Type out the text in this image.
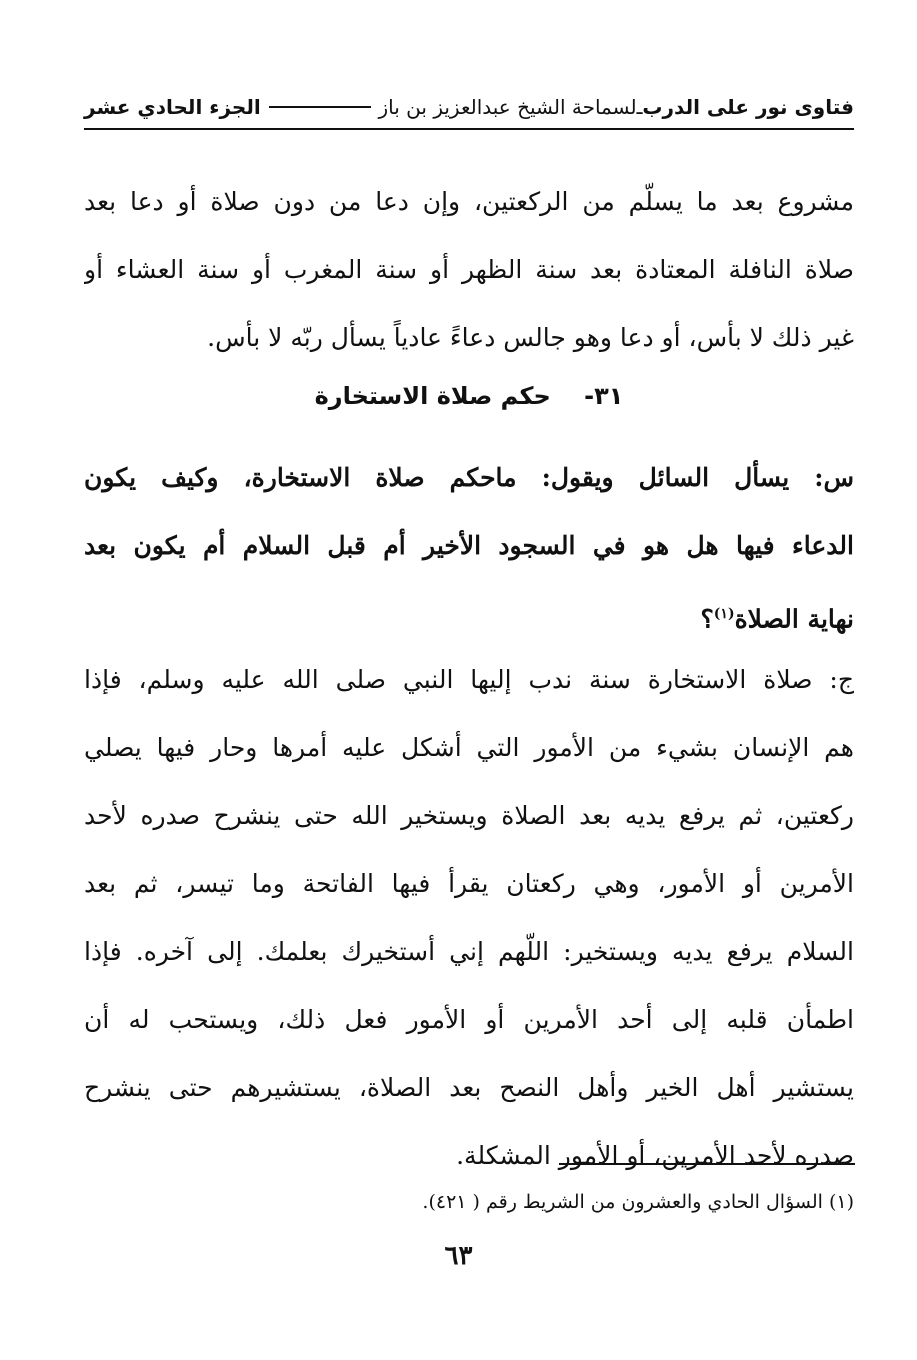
فتاوى نور على الدرب
ـ
لسماحة الشيخ عبدالعزيز بن باز
الجزء الحادي عشر
مشروع بعد ما يسلّم من الركعتين، وإن دعا من دون صلاة أو دعا بعد
صلاة النافلة المعتادة بعد سنة الظهر أو سنة المغرب أو سنة العشاء أو
غير ذلك لا بأس، أو دعا وهو جالس دعاءً عادياً يسأل ربّه لا بأس.
٣١-    حكم صلاة الاستخارة
س: يسأل السائل ويقول: ماحكم صلاة الاستخارة، وكيف يكون
الدعاء فيها هل هو في السجود الأخير أم قبل السلام أم يكون بعد
نهاية الصلاة$^{(١)}$؟
ج: صلاة الاستخارة سنة ندب إليها النبي صلى الله عليه وسلم، فإذا
هم الإنسان بشيء من الأمور التي أشكل عليه أمرها وحار فيها يصلي
ركعتين، ثم يرفع يديه بعد الصلاة ويستخير الله حتى ينشرح صدره لأحد
الأمرين أو الأمور، وهي ركعتان يقرأ فيها الفاتحة وما تيسر، ثم بعد
السلام يرفع يديه ويستخير: اللّهم إني أستخيرك بعلمك. إلى آخره. فإذا
اطمأن قلبه إلى أحد الأمرين أو الأمور فعل ذلك، ويستحب له أن
يستشير أهل الخير وأهل النصح بعد الصلاة، يستشيرهم حتى ينشرح
صدره لأحد الأمرين، أو الأمور المشكلة.
(١) السؤال الحادي والعشرون من الشريط رقم ( ٤٢١).
٦٣
